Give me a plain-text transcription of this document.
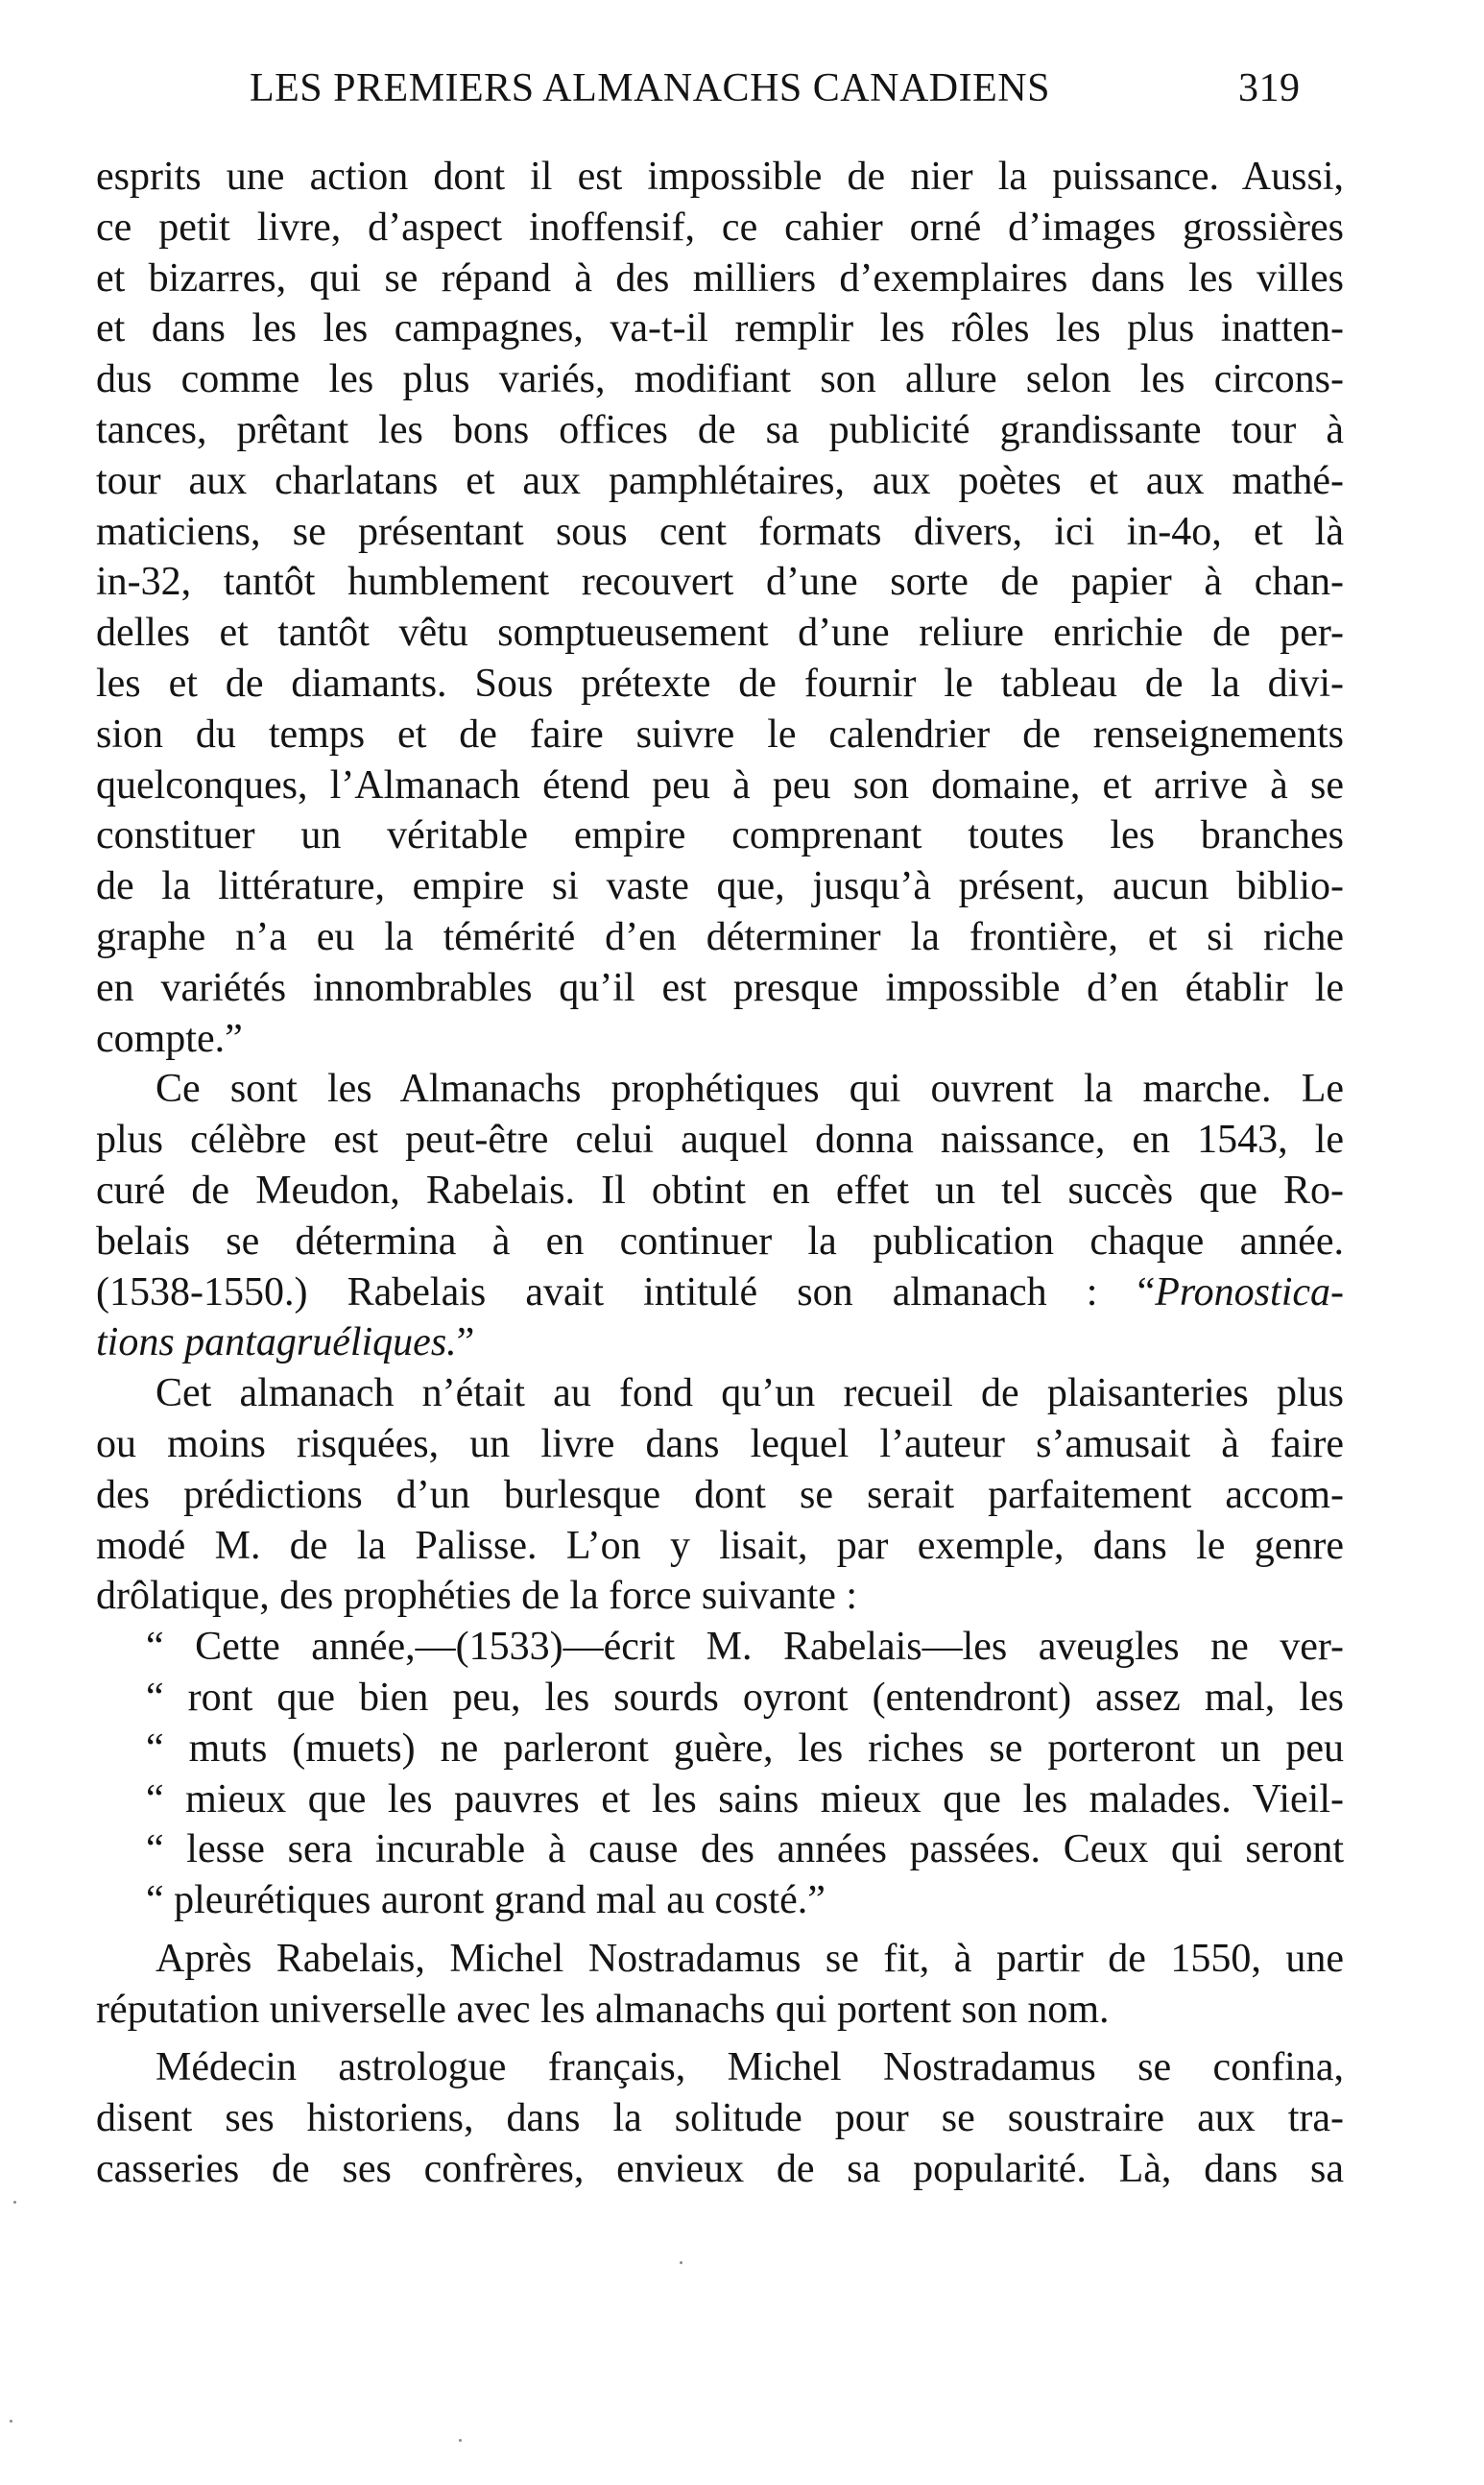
LES PREMIERS ALMANACHS CANADIENS	319
esprits une action dont il est impossible de nier la puissance. Aussi,
ce petit livre, d’aspect inoffensif, ce cahier orné d’images grossières
et bizarres, qui se répand à des milliers d’exemplaires dans les villes
et dans les les campagnes, va-t-il remplir les rôles les plus inatten-
dus comme les plus variés, modifiant son allure selon les circons-
tances, prêtant les bons offices de sa publicité grandissante tour à
tour aux charlatans et aux pamphlétaires, aux poètes et aux mathé-
maticiens, se présentant sous cent formats divers, ici in-4o, et là
in-32, tantôt humblement recouvert d’une sorte de papier à chan-
delles et tantôt vêtu somptueusement d’une reliure enrichie de per-
les et de diamants. Sous prétexte de fournir le tableau de la divi-
sion du temps et de faire suivre le calendrier de renseignements
quelconques, l’Almanach étend peu à peu son domaine, et arrive à se
constituer un véritable empire comprenant toutes les branches
de la littérature, empire si vaste que, jusqu’à présent, aucun biblio-
graphe n’a eu la témérité d’en déterminer la frontière, et si riche
en variétés innombrables qu’il est presque impossible d’en établir le
compte.”
Ce sont les Almanachs prophétiques qui ouvrent la marche. Le
plus célèbre est peut-être celui auquel donna naissance, en 1543, le
curé de Meudon, Rabelais. Il obtint en effet un tel succès que Ro-
belais se détermina à en continuer la publication chaque année.
(1538-1550.) Rabelais avait intitulé son almanach : “Pronostica-
tions pantagruéliques.”
Cet almanach n’était au fond qu’un recueil de plaisanteries plus
ou moins risquées, un livre dans lequel l’auteur s’amusait à faire
des prédictions d’un burlesque dont se serait parfaitement accom-
modé M. de la Palisse. L’on y lisait, par exemple, dans le genre
drôlatique, des prophéties de la force suivante :
“ Cette année,—(1533)—écrit M. Rabelais—les aveugles ne ver-
“ ront que bien peu, les sourds oyront (entendront) assez mal, les
“ muts (muets) ne parleront guère, les riches se porteront un peu
“ mieux que les pauvres et les sains mieux que les malades. Vieil-
“ lesse sera incurable à cause des années passées. Ceux qui seront
“ pleurétiques auront grand mal au costé.”
Après Rabelais, Michel Nostradamus se fit, à partir de 1550, une
réputation universelle avec les almanachs qui portent son nom.
Médecin astrologue français, Michel Nostradamus se confina,
disent ses historiens, dans la solitude pour se soustraire aux tra-
casseries de ses confrères, envieux de sa popularité. Là, dans sa
